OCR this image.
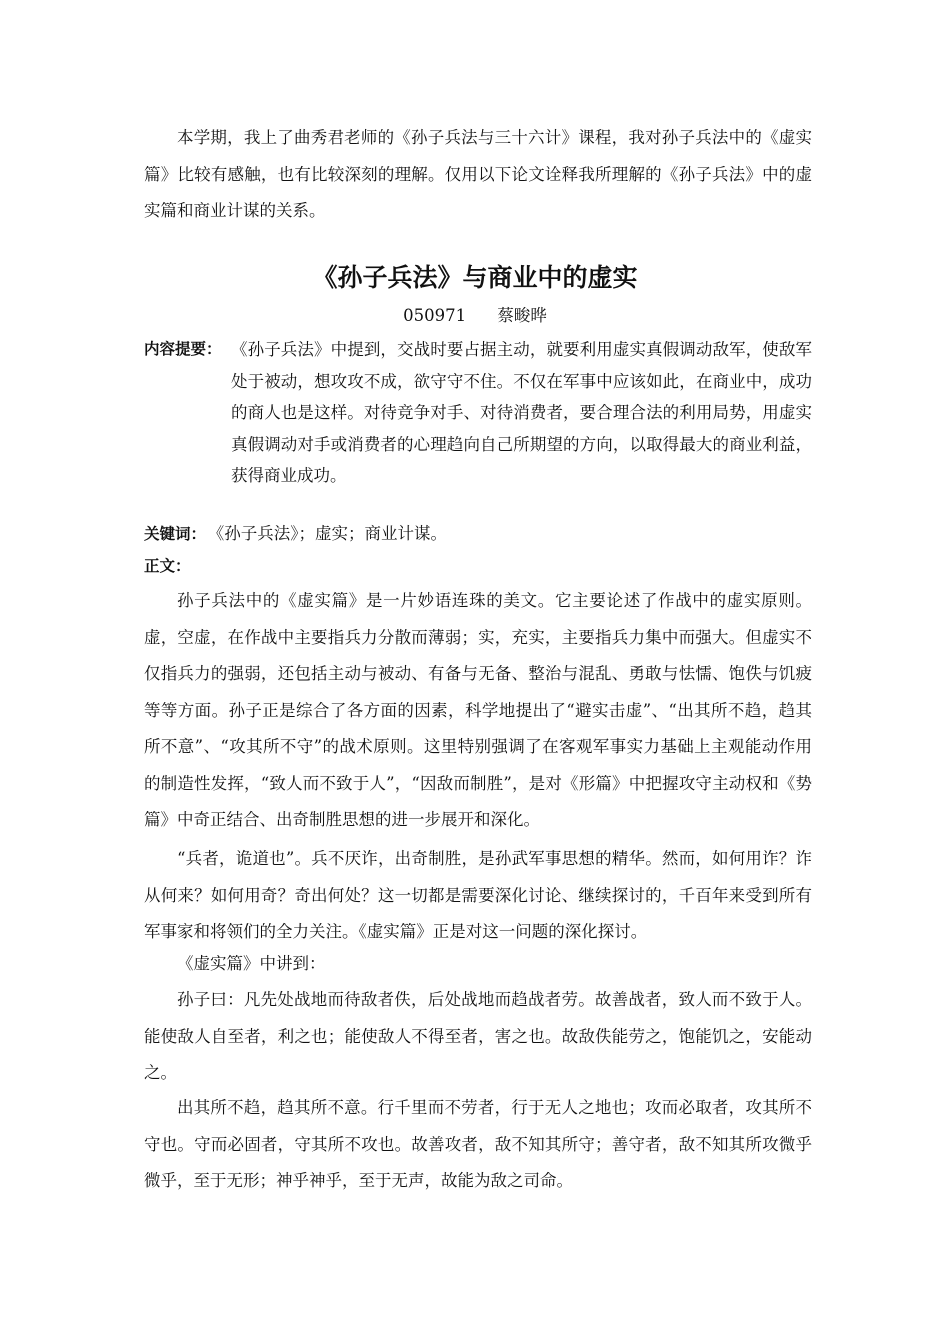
本学期，我上了曲秀君老师的《孙子兵法与三十六计》课程，我对孙子兵法中的《虚实篇》比较有感触，也有比较深刻的理解。仅用以下论文诠释我所理解的《孙子兵法》中的虚实篇和商业计谋的关系。

《孙子兵法》与商业中的虚实
050971 蔡畯晔
内容提要： 《孙子兵法》中提到，交战时要占据主动，就要利用虚实真假调动敌军，使敌军处于被动，想攻攻不成，欲守守不住。不仅在军事中应该如此，在商业中，成功的商人也是这样。对待竞争对手、对待消费者，要合理合法的利用局势，用虚实真假调动对手或消费者的心理趋向自己所期望的方向，以取得最大的商业利益，获得商业成功。

关键词： 《孙子兵法》；虚实；商业计谋。
正文：

孙子兵法中的《虚实篇》是一片妙语连珠的美文。它主要论述了作战中的虚实原则。虚，空虚，在作战中主要指兵力分散而薄弱；实，充实，主要指兵力集中而强大。但虚实不仅指兵力的强弱，还包括主动与被动、有备与无备、整治与混乱、勇敢与怯懦、饱佚与饥疲等等方面。孙子正是综合了各方面的因素，科学地提出了“避实击虚”、“出其所不趋，趋其所不意”、“攻其所不守”的战术原则。这里特别强调了在客观军事实力基础上主观能动作用的制造性发挥，“致人而不致于人”，“因敌而制胜”，是对《形篇》中把握攻守主动权和《势篇》中奇正结合、出奇制胜思想的进一步展开和深化。

“兵者，诡道也”。兵不厌诈，出奇制胜，是孙武军事思想的精华。然而，如何用诈？诈从何来？如何用奇？奇出何处？这一切都是需要深化讨论、继续探讨的，千百年来受到所有军事家和将领们的全力关注。《虚实篇》正是对这一问题的深化探讨。

《虚实篇》中讲到：

孙子曰：凡先处战地而待敌者佚，后处战地而趋战者劳。故善战者，致人而不致于人。能使敌人自至者，利之也；能使敌人不得至者，害之也。故敌佚能劳之，饱能饥之，安能动之。

出其所不趋，趋其所不意。行千里而不劳者，行于无人之地也；攻而必取者，攻其所不守也。守而必固者，守其所不攻也。故善攻者，敌不知其所守；善守者，敌不知其所攻微乎微乎，至于无形；神乎神乎，至于无声，故能为敌之司命。
